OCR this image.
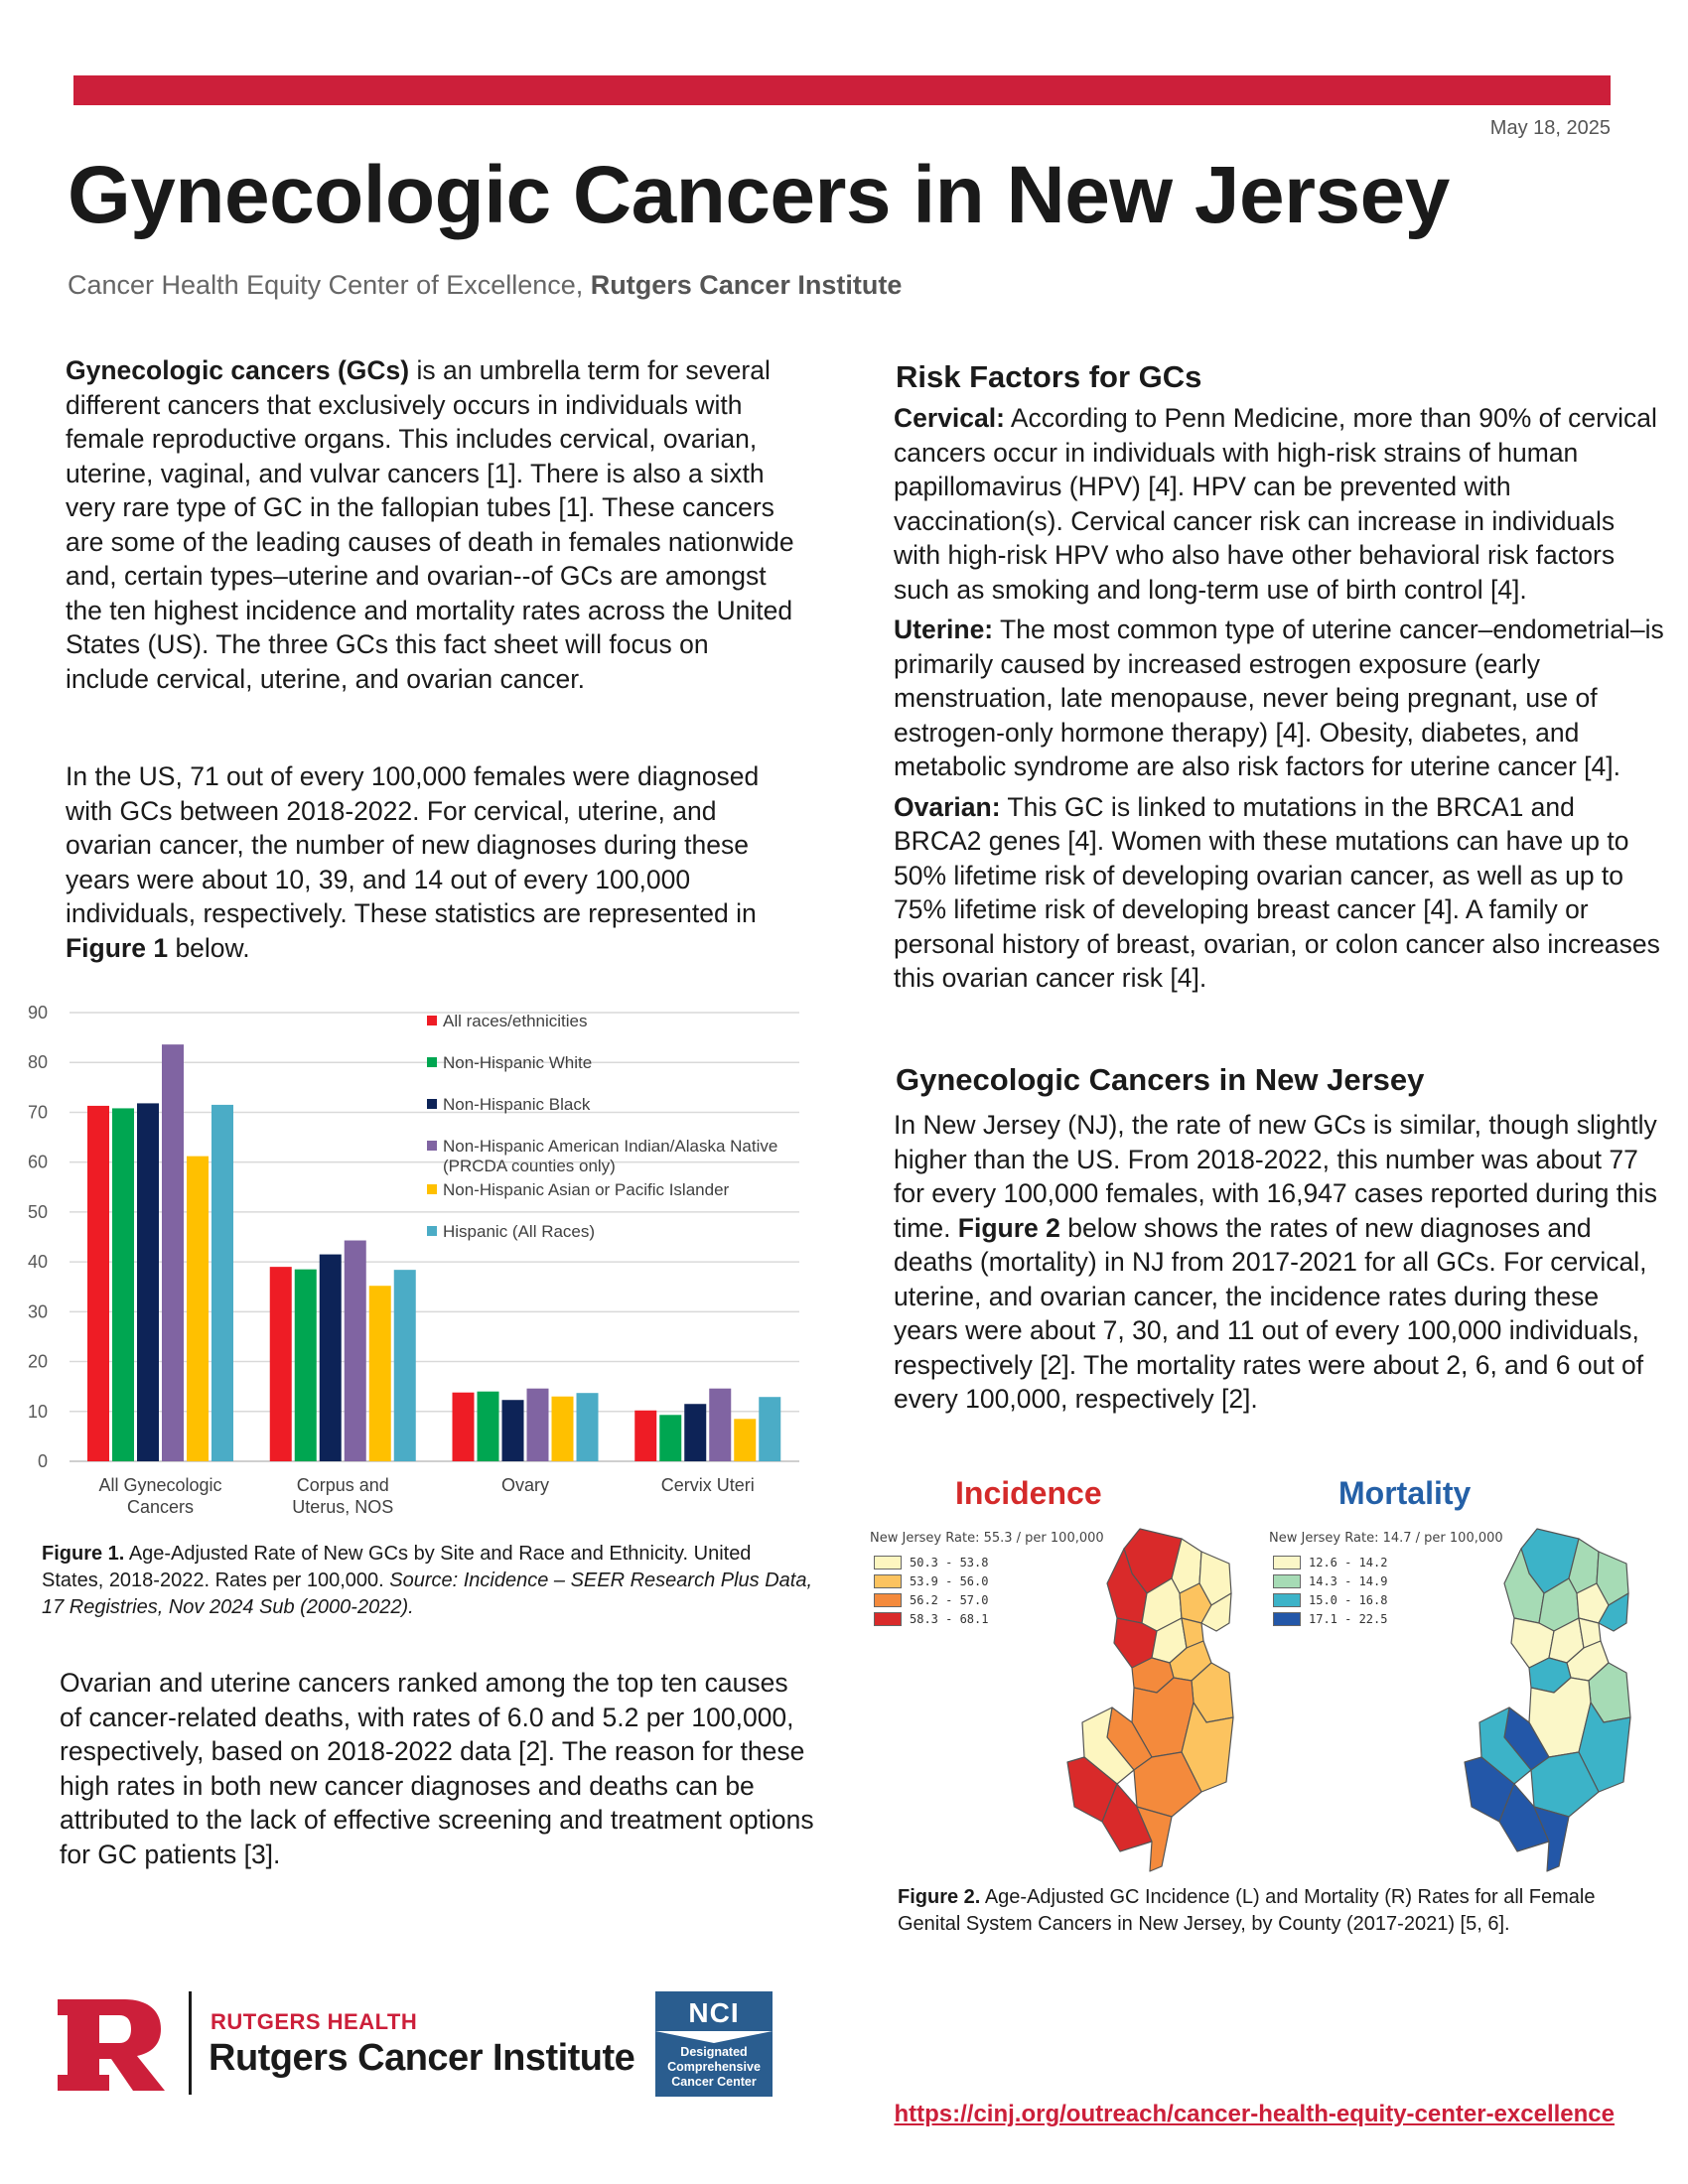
May 18, 2025
Gynecologic Cancers in New Jersey
Cancer Health Equity Center of Excellence, Rutgers Cancer Institute

Gynecologic cancers (GCs) is an umbrella term for several different cancers that exclusively occurs in individuals with female reproductive organs. This includes cervical, ovarian, uterine, vaginal, and vulvar cancers [1]. There is also a sixth very rare type of GC in the fallopian tubes [1]. These cancers are some of the leading causes of death in females nationwide and, certain types–uterine and ovarian--of GCs are amongst the ten highest incidence and mortality rates across the United States (US). The three GCs this fact sheet will focus on include cervical, uterine, and ovarian cancer.

In the US, 71 out of every 100,000 females were diagnosed with GCs between 2018-2022. For cervical, uterine, and ovarian cancer, the number of new diagnoses during these years were about 10, 39, and 14 out of every 100,000 individuals, respectively. These statistics are represented in Figure 1 below.

0
10
20
30
40
50
60
70
80
90
All Gynecologic
Cancers
Corpus and
Uterus, NOS
Ovary	Cervix Uteri
All races/ethnicities
Non-Hispanic White
Non-Hispanic Black
Non-Hispanic American Indian/Alaska Native
(PRCDA counties only)
Non-Hispanic Asian or Pacific Islander
Hispanic (All Races)
Figure 1. Age-Adjusted Rate of New GCs by Site and Race and Ethnicity. United States, 2018-2022. Rates per 100,000. Source: Incidence – SEER Research Plus Data, 17 Registries, Nov 2024 Sub (2000-2022).

Ovarian and uterine cancers ranked among the top ten causes of cancer-related deaths, with rates of 6.0 and 5.2 per 100,000, respectively, based on 2018-2022 data [2]. The reason for these high rates in both new cancer diagnoses and deaths can be attributed to the lack of effective screening and treatment options for GC patients [3].

Risk Factors for GCs

Cervical: According to Penn Medicine, more than 90% of cervical cancers occur in individuals with high-risk strains of human papillomavirus (HPV) [4]. HPV can be prevented with vaccination(s). Cervical cancer risk can increase in individuals with high-risk HPV who also have other behavioral risk factors such as smoking and long-term use of birth control [4].

Uterine: The most common type of uterine cancer–endometrial–is primarily caused by increased estrogen exposure (early menstruation, late menopause, never being pregnant, use of estrogen-only hormone therapy) [4]. Obesity, diabetes, and metabolic syndrome are also risk factors for uterine cancer [4].

Ovarian: This GC is linked to mutations in the BRCA1 and BRCA2 genes [4]. Women with these mutations can have up to 50% lifetime risk of developing ovarian cancer, as well as up to 75% lifetime risk of developing breast cancer [4]. A family or personal history of breast, ovarian, or colon cancer also increases this ovarian cancer risk [4].

Gynecologic Cancers in New Jersey

In New Jersey (NJ), the rate of new GCs is similar, though slightly higher than the US. From 2018-2022, this number was about 77 for every 100,000 females, with 16,947 cases reported during this time. Figure 2 below shows the rates of new diagnoses and deaths (mortality) in NJ from 2017-2021 for all GCs. For cervical, uterine, and ovarian cancer, the incidence rates during these years were about 7, 30, and 11 out of every 100,000 individuals, respectively [2]. The mortality rates were about 2, 6, and 6 out of every 100,000, respectively [2].

Incidence	Mortality
New Jersey Rate: 55.3 / per 100,000	New Jersey Rate: 14.7 / per 100,000
50.3 - 53.8
53.9 - 56.0
56.2 - 57.0
58.3 - 68.1
12.6 - 14.2
14.3 - 14.9
15.0 - 16.8
17.1 - 22.5
Figure 2. Age-Adjusted GC Incidence (L) and Mortality (R) Rates for all Female Genital System Cancers in New Jersey, by County (2017-2021) [5, 6].
RUTGERS HEALTH
Rutgers Cancer Institute
NCI
Designated
Comprehensive
Cancer Center
https://cinj.org/outreach/cancer-health-equity-center-excellence
